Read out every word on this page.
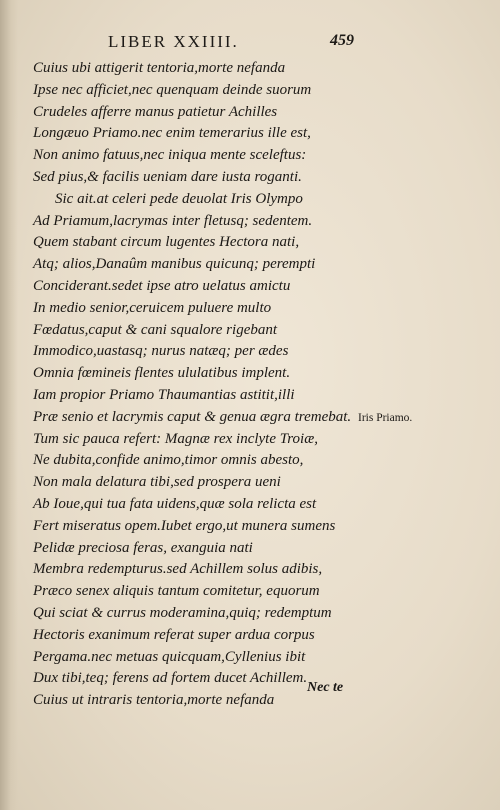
LIBER XXIIII.	459
Cuius ubi attigerit tentoria,morte nefanda
Ipse nec afficiet,nec quenquam deinde suorum
Crudeles afferre manus patietur Achilles
Longæuo Priamo.nec enim temerarius ille est,
Non animo fatuus,nec iniqua mente sceleftus:
Sed pius,& facilis ueniam dare iusta roganti.
Sic ait.at celeri pede deuolat Iris Olympo
Ad Priamum,lacrymas inter fletusq; sedentem.
Quem stabant circum lugentes Hectora nati,
Atq; alios,Danaûm manibus quicunq; perempti
Conciderant.sedet ipse atro uelatus amictu
In medio senior,ceruicem puluere multo
Fœdatus,caput & cani squalore rigebant
Immodico,uastasq; nurus natæq; per ædes
Omnia fœmineis flentes ululatibus implent.
Iam propior Priamo Thaumantias astitit,illi
Præ senio et lacrymis caput & genua ægra tremebat.
Tum sic pauca refert: Magnæ rex inclyte Troiæ,
Ne dubita,confide animo,timor omnis abesto,
Non mala delatura tibi,sed prospera ueni
Ab Ioue,qui tua fata uidens,quæ sola relicta est
Fert miseratus opem.Iubet ergo,ut munera sumens
Pelidæ preciosa feras, exanguia nati
Membra redempturus.sed Achillem solus adibis,
Præco senex aliquis tantum comitetur, equorum
Qui sciat & currus moderamina,quiq; redemptum
Hectoris exanimum referat super ardua corpus
Pergama.nec metuas quicquam,Cyllenius ibit
Dux tibi,teq; ferens ad fortem ducet Achillem.
Cuius ut intraris tentoria,morte nefanda
Iris Priamo.
Nec te
